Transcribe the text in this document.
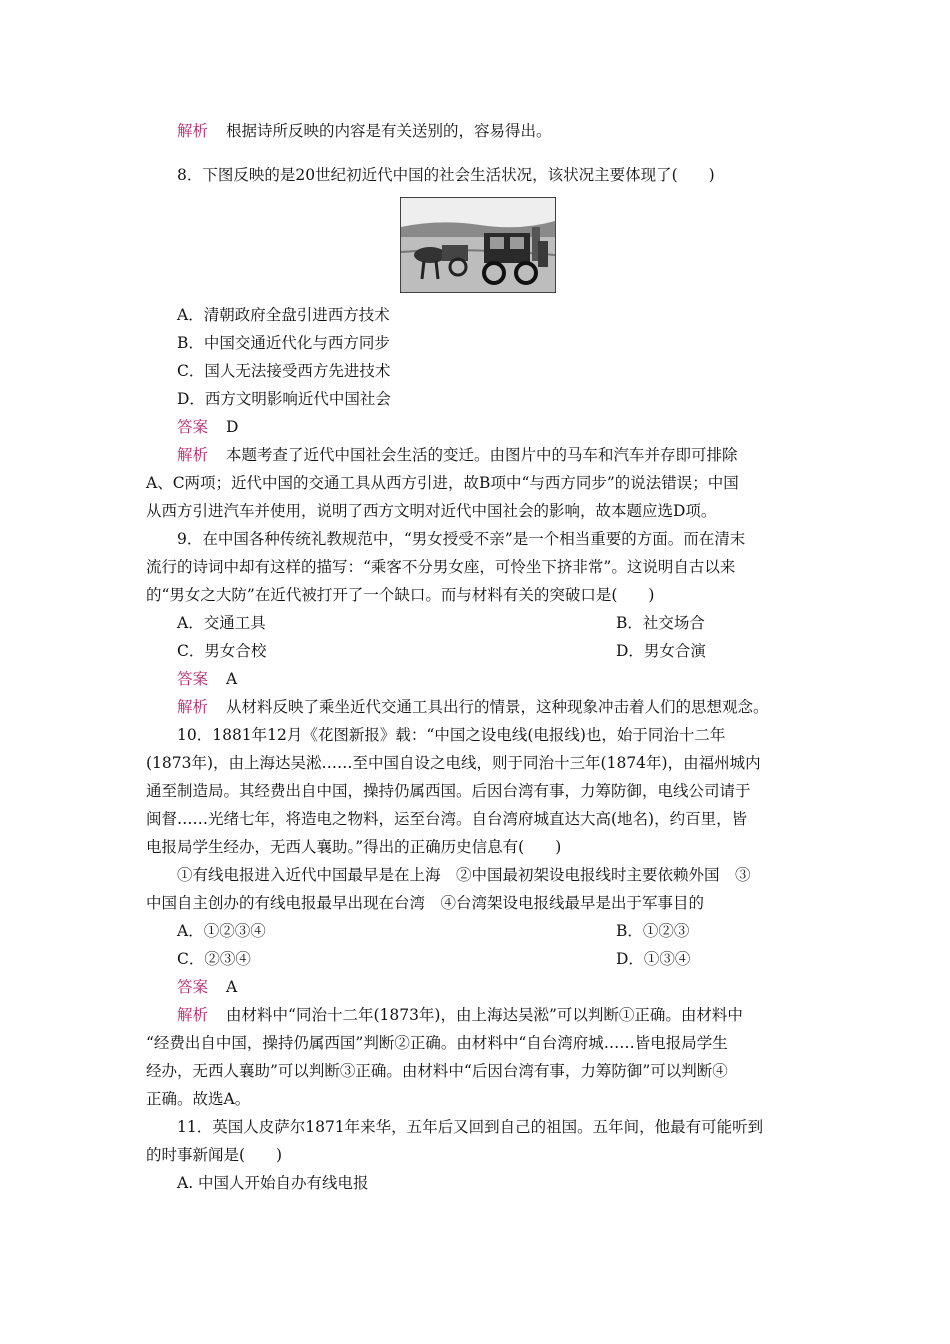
解析 根据诗所反映的内容是有关送别的，容易得出。
8．下图反映的是20世纪初近代中国的社会生活状况，该状况主要体现了(　　)
A．清朝政府全盘引进西方技术
B．中国交通近代化与西方同步
C．国人无法接受西方先进技术
D．西方文明影响近代中国社会
答案 D
解析 本题考查了近代中国社会生活的变迁。由图片中的马车和汽车并存即可排除
A、C两项；近代中国的交通工具从西方引进，故B项中“与西方同步”的说法错误；中国
从西方引进汽车并使用，说明了西方文明对近代中国社会的影响，故本题应选D项。
9．在中国各种传统礼教规范中，“男女授受不亲”是一个相当重要的方面。而在清末
流行的诗词中却有这样的描写：“乘客不分男女座，可怜坐下挤非常”。这说明自古以来
的“男女之大防”在近代被打开了一个缺口。而与材料有关的突破口是(　　)
A．交通工具	B．社交场合
C．男女合校	D．男女合演
答案 A
解析 从材料反映了乘坐近代交通工具出行的情景，这种现象冲击着人们的思想观念。
10．1881年12月《花图新报》载：“中国之设电线(电报线)也，始于同治十二年
(1873年)，由上海达吴淞……至中国自设之电线，则于同治十三年(1874年)，由福州城内
通至制造局。其经费出自中国，操持仍属西国。后因台湾有事，力筹防御，电线公司请于
闽督……光绪七年，将造电之物料，运至台湾。自台湾府城直达大高(地名)，约百里，皆
电报局学生经办，无西人襄助。”得出的正确历史信息有(　　)
①有线电报进入近代中国最早是在上海　②中国最初架设电报线时主要依赖外国　③
中国自主创办的有线电报最早出现在台湾　④台湾架设电报线最早是出于军事目的
A．①②③④	B．①②③
C．②③④	D．①③④
答案 A
解析 由材料中“同治十二年(1873年)，由上海达吴淞”可以判断①正确。由材料中
“经费出自中国，操持仍属西国”判断②正确。由材料中“自台湾府城……皆电报局学生
经办，无西人襄助”可以判断③正确。由材料中“后因台湾有事，力筹防御”可以判断④
正确。故选A。
11．英国人皮萨尔1871年来华，五年后又回到自己的祖国。五年间，他最有可能听到
的时事新闻是(　　)
A. 中国人开始自办有线电报
